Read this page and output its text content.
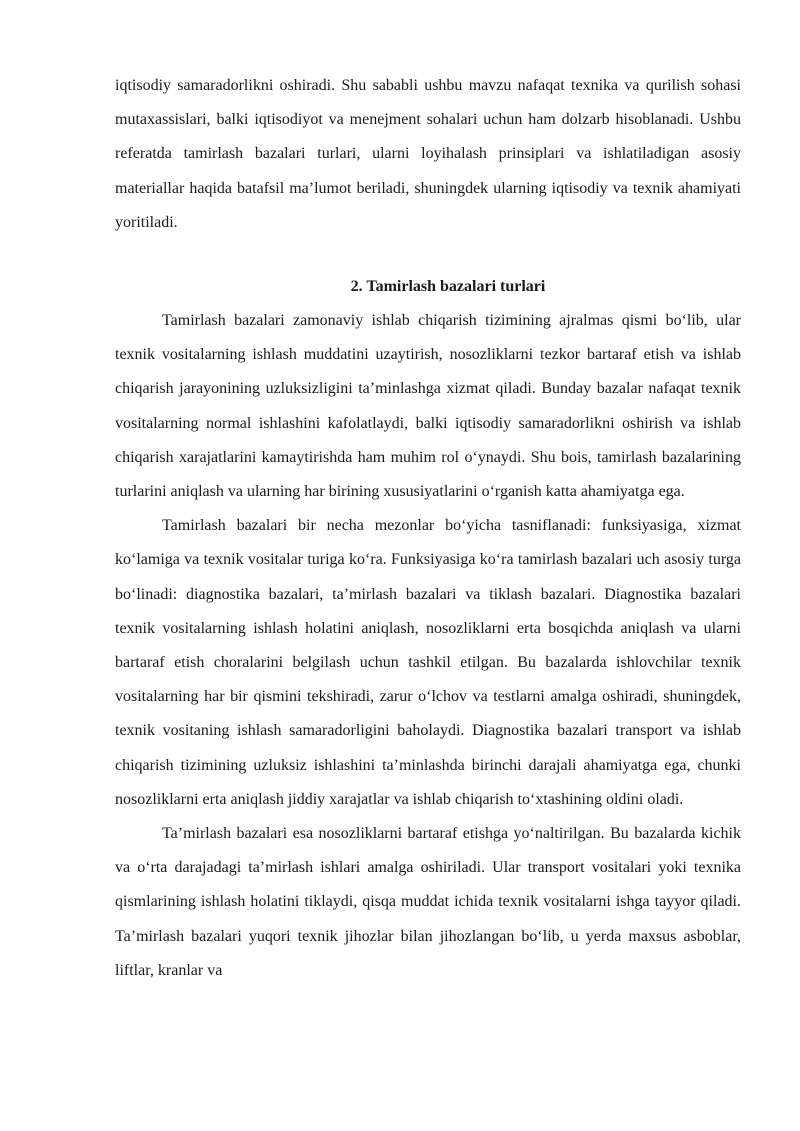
iqtisodiy samaradorlikni oshiradi. Shu sababli ushbu mavzu nafaqat texnika va qurilish sohasi mutaxassislari, balki iqtisodiyot va menejment sohalari uchun ham dolzarb hisoblanadi. Ushbu referatda tamirlash bazalari turlari, ularni loyihalash prinsiplari va ishlatiladigan asosiy materiallar haqida batafsil ma’lumot beriladi, shuningdek ularning iqtisodiy va texnik ahamiyati yoritiladi.

2. Tamirlash bazalari turlari

Tamirlash bazalari zamonaviy ishlab chiqarish tizimining ajralmas qismi bo‘lib, ular texnik vositalarning ishlash muddatini uzaytirish, nosozliklarni tezkor bartaraf etish va ishlab chiqarish jarayonining uzluksizligini ta’minlashga xizmat qiladi. Bunday bazalar nafaqat texnik vositalarning normal ishlashini kafolatlaydi, balki iqtisodiy samaradorlikni oshirish va ishlab chiqarish xarajatlarini kamaytirishda ham muhim rol o‘ynaydi. Shu bois, tamirlash bazalarining turlarini aniqlash va ularning har birining xususiyatlarini o‘rganish katta ahamiyatga ega.

Tamirlash bazalari bir necha mezonlar bo‘yicha tasniflanadi: funksiyasiga, xizmat ko‘lamiga va texnik vositalar turiga ko‘ra. Funksiyasiga ko‘ra tamirlash bazalari uch asosiy turga bo‘linadi: diagnostika bazalari, ta’mirlash bazalari va tiklash bazalari. Diagnostika bazalari texnik vositalarning ishlash holatini aniqlash, nosozliklarni erta bosqichda aniqlash va ularni bartaraf etish choralarini belgilash uchun tashkil etilgan. Bu bazalarda ishlovchilar texnik vositalarning har bir qismini tekshiradi, zarur o‘lchov va testlarni amalga oshiradi, shuningdek, texnik vositaning ishlash samaradorligini baholaydi. Diagnostika bazalari transport va ishlab chiqarish tizimining uzluksiz ishlashini ta’minlashda birinchi darajali ahamiyatga ega, chunki nosozliklarni erta aniqlash jiddiy xarajatlar va ishlab chiqarish to‘xtashining oldini oladi.

Ta’mirlash bazalari esa nosozliklarni bartaraf etishga yo‘naltirilgan. Bu bazalarda kichik va o‘rta darajadagi ta’mirlash ishlari amalga oshiriladi. Ular transport vositalari yoki texnika qismlarining ishlash holatini tiklaydi, qisqa muddat ichida texnik vositalarni ishga tayyor qiladi. Ta’mirlash bazalari yuqori texnik jihozlar bilan jihozlangan bo‘lib, u yerda maxsus asboblar, liftlar, kranlar va
